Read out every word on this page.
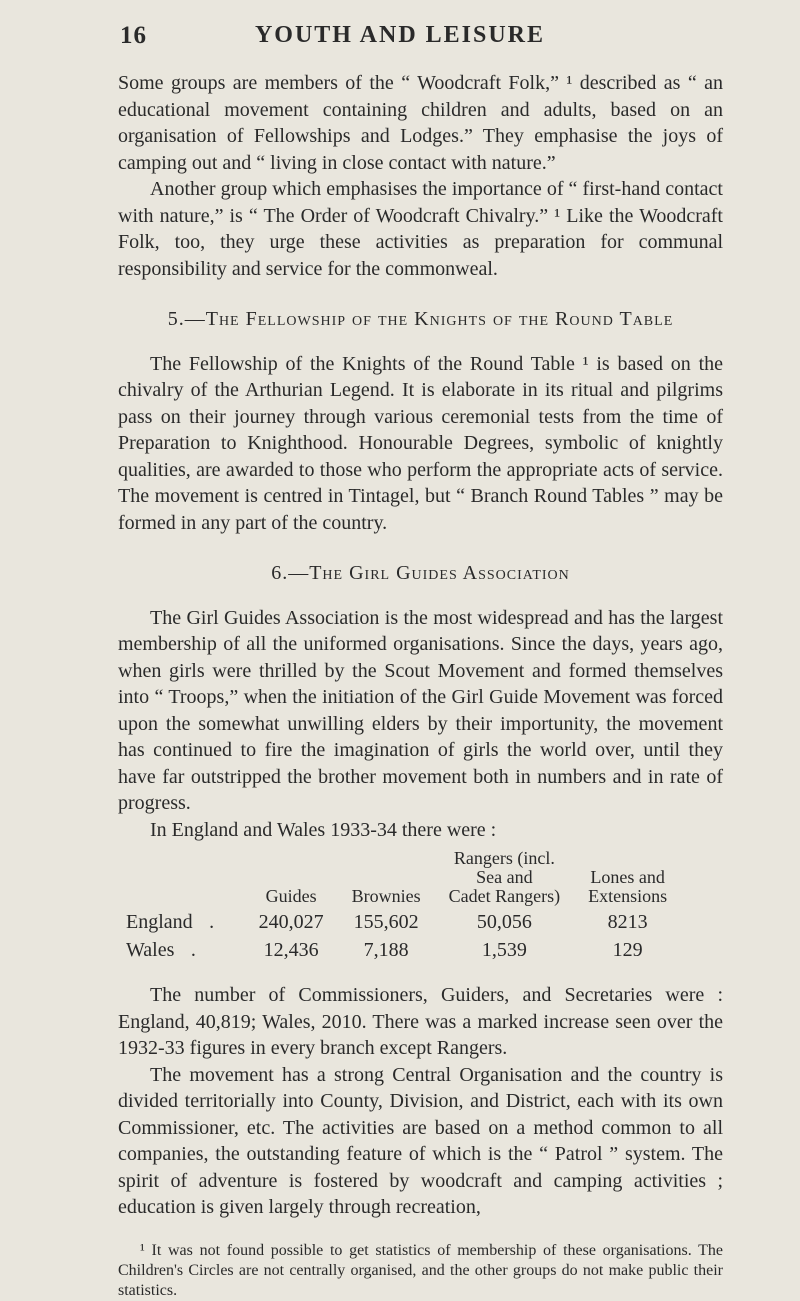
16	YOUTH AND LEISURE

Some groups are members of the “ Woodcraft Folk,” ¹ described as “ an educational movement containing children and adults, based on an organisation of Fellowships and Lodges.” They emphasise the joys of camping out and “ living in close contact with nature.”

Another group which emphasises the importance of “ first-hand contact with nature,” is “ The Order of Woodcraft Chivalry.” ¹ Like the Woodcraft Folk, too, they urge these activities as preparation for communal responsibility and service for the commonweal.

5.—The Fellowship of the Knights of the Round Table

The Fellowship of the Knights of the Round Table ¹ is based on the chivalry of the Arthurian Legend. It is elaborate in its ritual and pilgrims pass on their journey through various ceremonial tests from the time of Preparation to Knighthood. Honourable Degrees, symbolic of knightly qualities, are awarded to those who perform the appropriate acts of service. The movement is centred in Tintagel, but “ Branch Round Tables ” may be formed in any part of the country.

6.—The Girl Guides Association

The Girl Guides Association is the most widespread and has the largest membership of all the uniformed organisations. Since the days, years ago, when girls were thrilled by the Scout Movement and formed themselves into “ Troops,” when the initiation of the Girl Guide Movement was forced upon the somewhat unwilling elders by their importunity, the movement has continued to fire the imagination of girls the world over, until they have far outstripped the brother movement both in numbers and in rate of progress.

In England and Wales 1933-34 there were :

	Guides	Brownies	Rangers (incl.
Sea and
Cadet Rangers)	Lones and
Extensions
England .	240,027	155,602	50,056	8213
Wales .	12,436	7,188	1,539	129

The number of Commissioners, Guiders, and Secretaries were : England, 40,819; Wales, 2010. There was a marked increase seen over the 1932-33 figures in every branch except Rangers.

The movement has a strong Central Organisation and the country is divided territorially into County, Division, and District, each with its own Commissioner, etc. The activities are based on a method common to all companies, the outstanding feature of which is the “ Patrol ” system. The spirit of adventure is fostered by woodcraft and camping activities ; education is given largely through recreation,

¹ It was not found possible to get statistics of membership of these organisations. The Children's Circles are not centrally organised, and the other groups do not make public their statistics.
